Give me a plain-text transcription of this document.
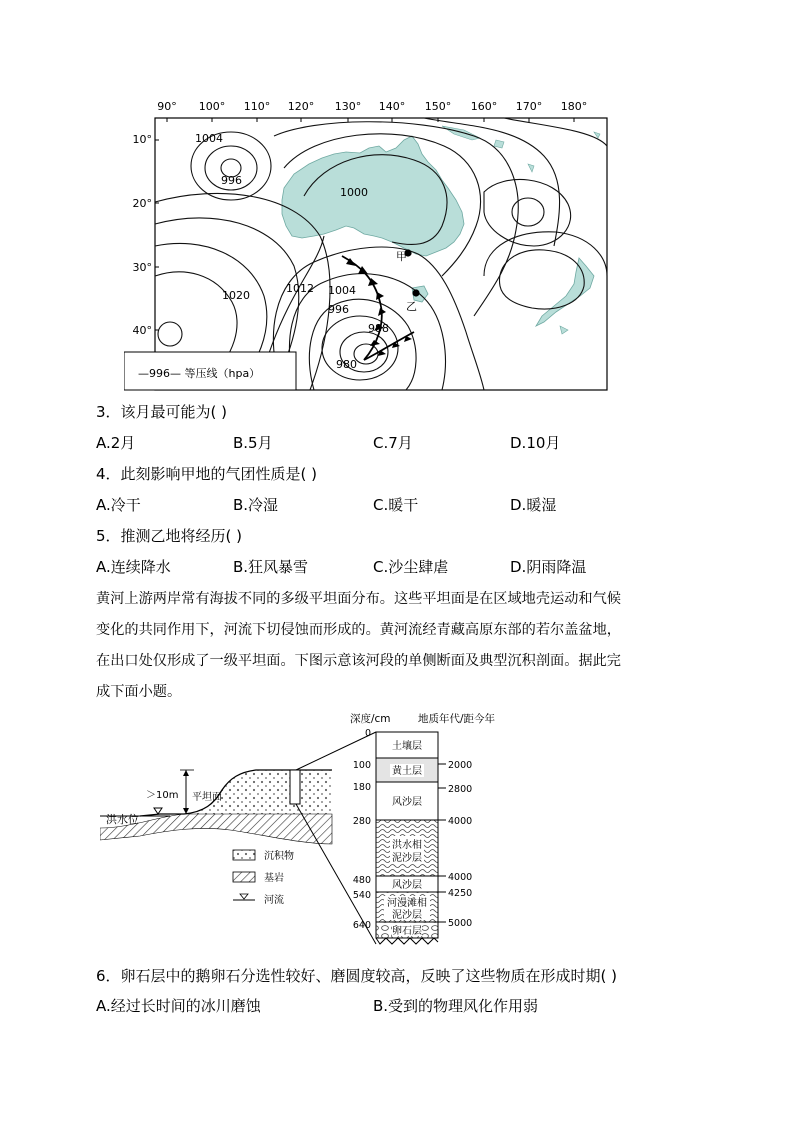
90° 100° 110° 120° 130° 140° 150° 160° 170° 180°
10°
20°
30°
40°
甲
乙
1004
996
1000
1020
1012 1004
996
988
980
—996— 等压线（hpa）
3．该月最可能为( )
A.2月	B.5月	C.7月	D.10月
4．此刻影响甲地的气团性质是( )
A.冷干	B.冷湿	C.暖干	D.暖湿
5．推测乙地将经历( )
A.连续降水	B.狂风暴雪	C.沙尘肆虐	D.阴雨降温
黄河上游两岸常有海拔不同的多级平坦面分布。这些平坦面是在区域地壳运动和气候
变化的共同作用下，河流下切侵蚀而形成的。黄河流经青藏高原东部的若尔盖盆地，
在出口处仅形成了一级平坦面。下图示意该河段的单侧断面及典型沉积剖面。据此完
成下面小题。
洪水位
＞10m 平坦面
沉积物
基岩
河流
深度/cm	地质年代/距今年
土壤层
黄土层
风沙层
洪水相
泥沙层
风沙层
河漫滩相
泥沙层
卵石层
0
100
180
280
480
540
640
2000
2800
4000
4000
4250
5000
6．卵石层中的鹅卵石分选性较好、磨圆度较高，反映了这些物质在形成时期( )
A.经过长时间的冰川磨蚀	B.受到的物理风化作用弱
